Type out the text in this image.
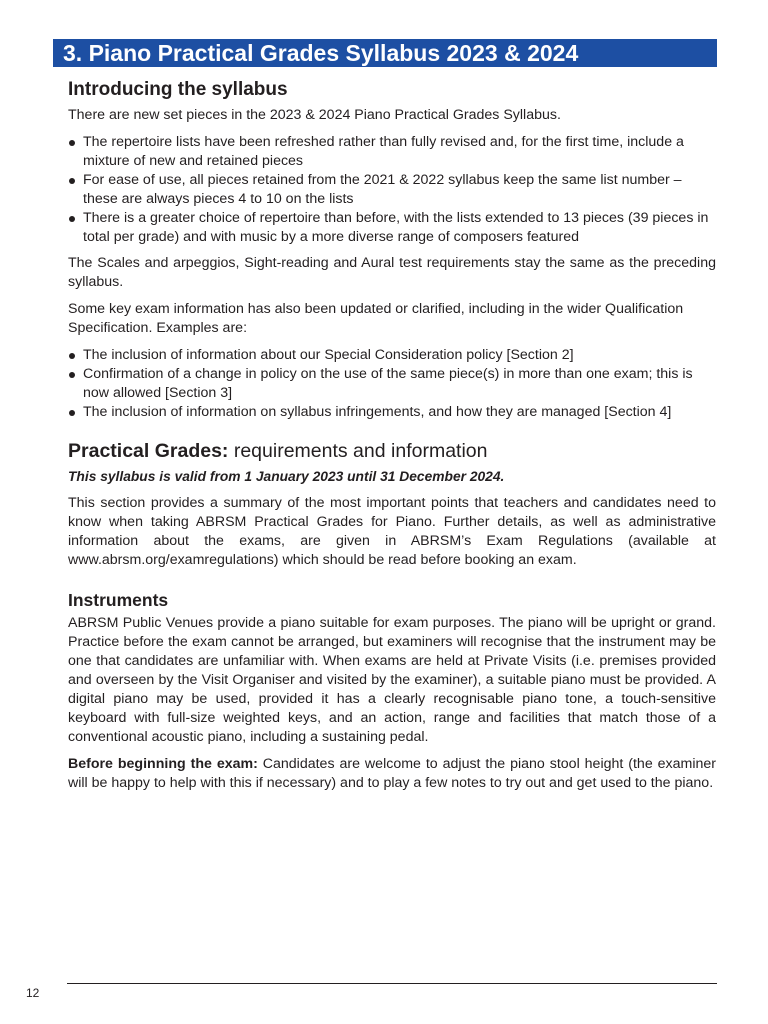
3. Piano Practical Grades Syllabus 2023 & 2024
Introducing the syllabus

There are new set pieces in the 2023 & 2024 Piano Practical Grades Syllabus.

The repertoire lists have been refreshed rather than fully revised and, for the first time, include a mixture of new and retained pieces
For ease of use, all pieces retained from the 2021 & 2022 syllabus keep the same list number – these are always pieces 4 to 10 on the lists
There is a greater choice of repertoire than before, with the lists extended to 13 pieces (39 pieces in total per grade) and with music by a more diverse range of composers featured

The Scales and arpeggios, Sight-reading and Aural test requirements stay the same as the preceding syllabus.

Some key exam information has also been updated or clarified, including in the wider Qualification Specification. Examples are:

The inclusion of information about our Special Consideration policy [Section 2]
Confirmation of a change in policy on the use of the same piece(s) in more than one exam; this is now allowed [Section 3]
The inclusion of information on syllabus infringements, and how they are managed [Section 4]
Practical Grades: requirements and information

This syllabus is valid from 1 January 2023 until 31 December 2024.

This section provides a summary of the most important points that teachers and candidates need to know when taking ABRSM Practical Grades for Piano. Further details, as well as administrative information about the exams, are given in ABRSM’s Exam Regulations (available at www.abrsm.org/examregulations) which should be read before booking an exam.

Instruments

ABRSM Public Venues provide a piano suitable for exam purposes. The piano will be upright or grand. Practice before the exam cannot be arranged, but examiners will recognise that the instrument may be one that candidates are unfamiliar with. When exams are held at Private Visits (i.e. premises provided and overseen by the Visit Organiser and visited by the examiner), a suitable piano must be provided. A digital piano may be used, provided it has a clearly recognisable piano tone, a touch-sensitive keyboard with full-size weighted keys, and an action, range and facilities that match those of a conventional acoustic piano, including a sustaining pedal.

Before beginning the exam: Candidates are welcome to adjust the piano stool height (the examiner will be happy to help with this if necessary) and to play a few notes to try out and get used to the piano.

12
